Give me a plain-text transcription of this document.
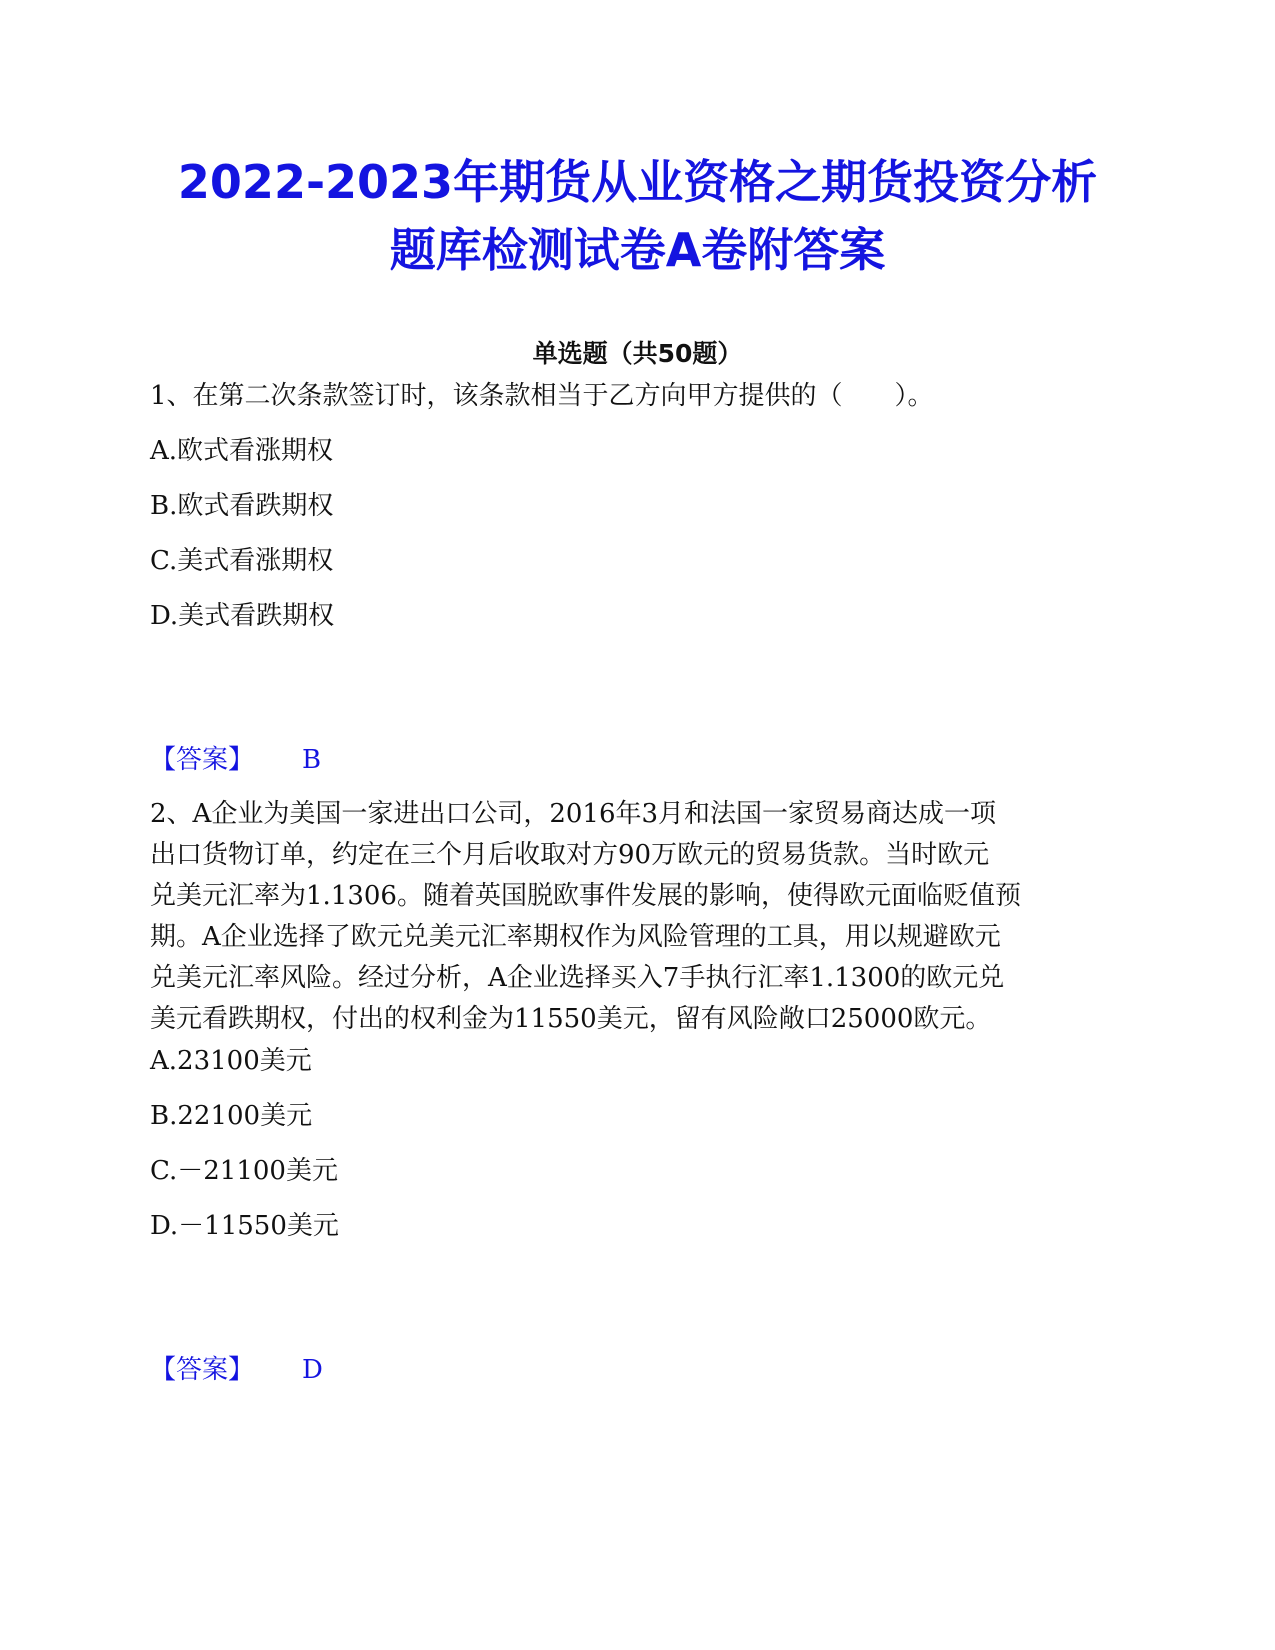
2022-2023年期货从业资格之期货投资分析
题库检测试卷A卷附答案
单选题（共50题）
1、在第二次条款签订时，该条款相当于乙方向甲方提供的（　　）。
A.欧式看涨期权
B.欧式看跌期权
C.美式看涨期权
D.美式看跌期权
【答案】 B
2、A企业为美国一家进出口公司，2016年3月和法国一家贸易商达成一项
出口货物订单，约定在三个月后收取对方90万欧元的贸易货款。当时欧元
兑美元汇率为1.1306。随着英国脱欧事件发展的影响，使得欧元面临贬值预
期。A企业选择了欧元兑美元汇率期权作为风险管理的工具，用以规避欧元
兑美元汇率风险。经过分析，A企业选择买入7手执行汇率1.1300的欧元兑
美元看跌期权，付出的权利金为11550美元，留有风险敞口25000欧元。
A.23100美元
B.22100美元
C.－21100美元
D.－11550美元
【答案】 D
